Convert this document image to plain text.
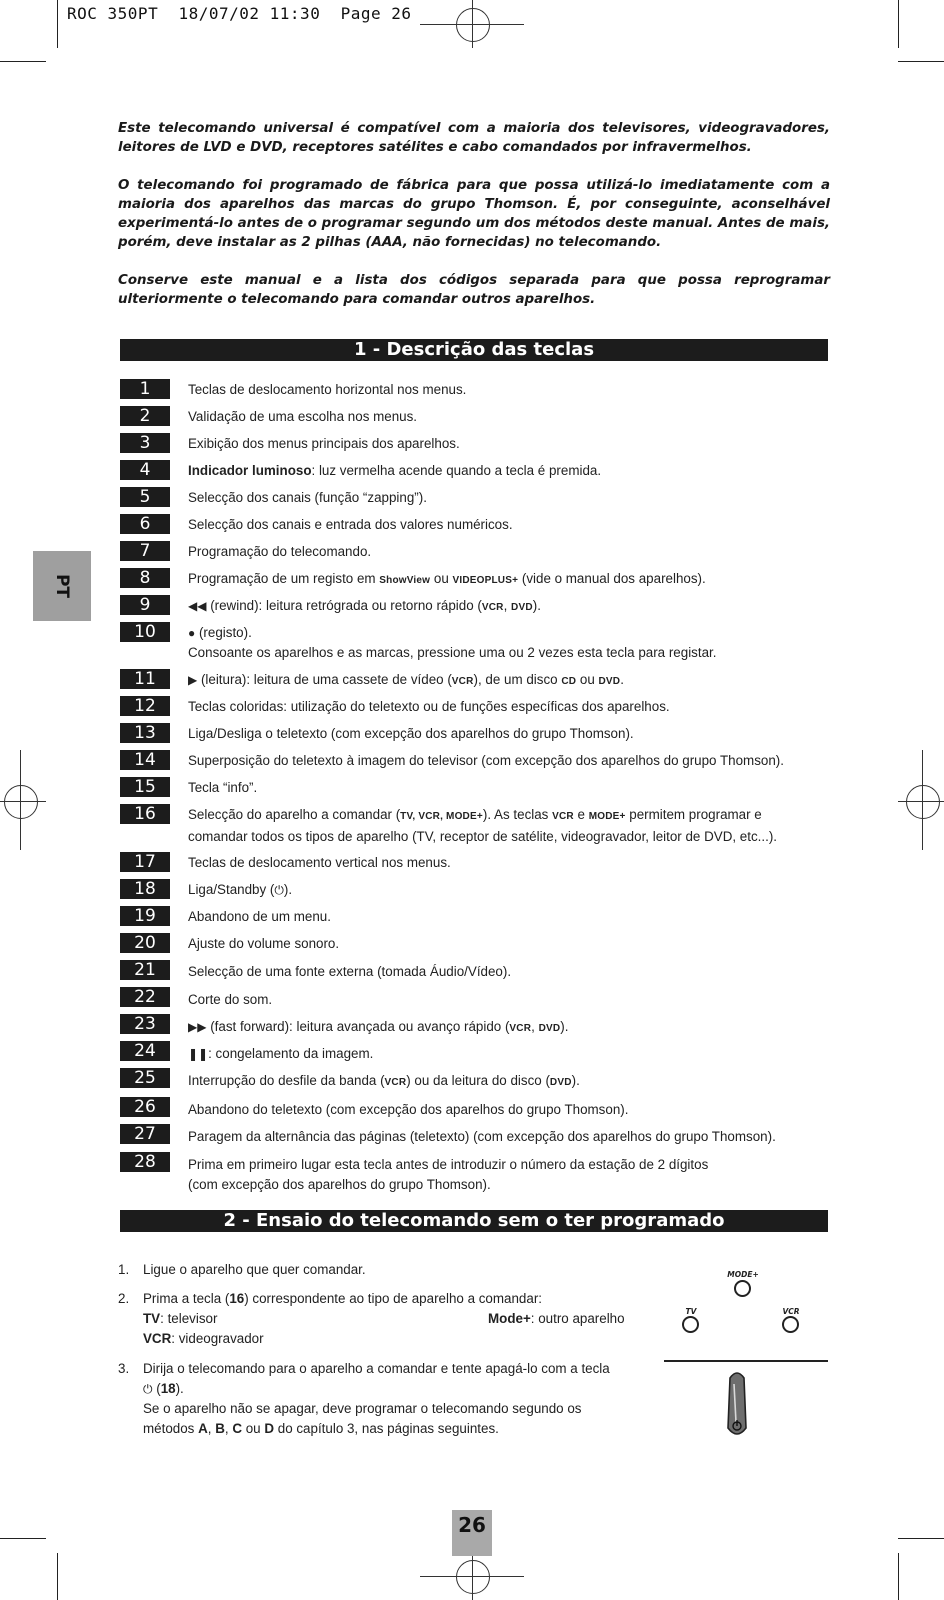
ROC 350PT  18/07/02 11:30  Page 26

Este telecomando universal é compatível com a maioria dos televisores, videogravadores, leitores de LVD e DVD, receptores satélites e cabo comandados por infravermelhos.

O telecomando foi programado de fábrica para que possa utilizá-lo imediatamente com a maioria dos aparelhos das marcas do grupo Thomson. É, por conseguinte, aconselhável experimentá-lo antes de o programar segundo um dos métodos deste manual. Antes de mais, porém, deve instalar as 2 pilhas (AAA, não fornecidas) no telecomando.

Conserve este manual e a lista dos códigos separada para que possa reprogramar ulteriormente o telecomando para comandar outros aparelhos.

1 - Descrição das teclas
PT
1	Teclas de deslocamento horizontal nos menus.
2	Validação de uma escolha nos menus.
3	Exibição dos menus principais dos aparelhos.
4	Indicador luminoso: luz vermelha acende quando a tecla é premida.
5	Selecção dos canais (função “zapping”).
6	Selecção dos canais e entrada dos valores numéricos.
7	Programação do telecomando.
8	Programação de um registo em ShowView ou VIDEOPLUS+ (vide o manual dos aparelhos).
9	◀◀ (rewind): leitura retrógrada ou retorno rápido (VCR, DVD).
10	● (registo).
Consoante os aparelhos e as marcas, pressione uma ou 2 vezes esta tecla para registar.
11	▶ (leitura): leitura de uma cassete de vídeo (VCR), de um disco CD ou DVD.
12	Teclas coloridas: utilização do teletexto ou de funções específicas dos aparelhos.
13	Liga/Desliga o teletexto (com excepção dos aparelhos do grupo Thomson).
14	Superposição do teletexto à imagem do televisor (com excepção dos aparelhos do grupo Thomson).
15	Tecla “info”.
16	Selecção do aparelho a comandar (TV, VCR, MODE+). As teclas VCR e MODE+ permitem programar e
comandar todos os tipos de aparelho (TV, receptor de satélite, videogravador, leitor de DVD, etc...).
17	Teclas de deslocamento vertical nos menus.
18	Liga/Standby (⏻).
19	Abandono de um menu.
20	Ajuste do volume sonoro.
21	Selecção de uma fonte externa (tomada Áudio/Vídeo).
22	Corte do som.
23	▶▶ (fast forward): leitura avançada ou avanço rápido (VCR, DVD).
24	❚❚: congelamento da imagem.
25	Interrupção do desfile da banda (VCR) ou da leitura do disco (DVD).
26	Abandono do teletexto (com excepção dos aparelhos do grupo Thomson).
27	Paragem da alternância das páginas (teletexto) (com excepção dos aparelhos do grupo Thomson).
28	Prima em primeiro lugar esta tecla antes de introduzir o número da estação de 2 dígitos
(com excepção dos aparelhos do grupo Thomson).
2 - Ensaio do telecomando sem o ter programado
1. Ligue o aparelho que quer comandar.
2. Prima a tecla (16) correspondente ao tipo de aparelho a comandar:
TV: televisor	Mode+: outro aparelho
VCR: videogravador
3. Dirija o telecomando para o aparelho a comandar e tente apagá-lo com a tecla
⏻ (18).
Se o aparelho não se apagar, deve programar o telecomando segundo os
métodos A, B, C ou D do capítulo 3, nas páginas seguintes.
MODE+
TV	VCR
26
